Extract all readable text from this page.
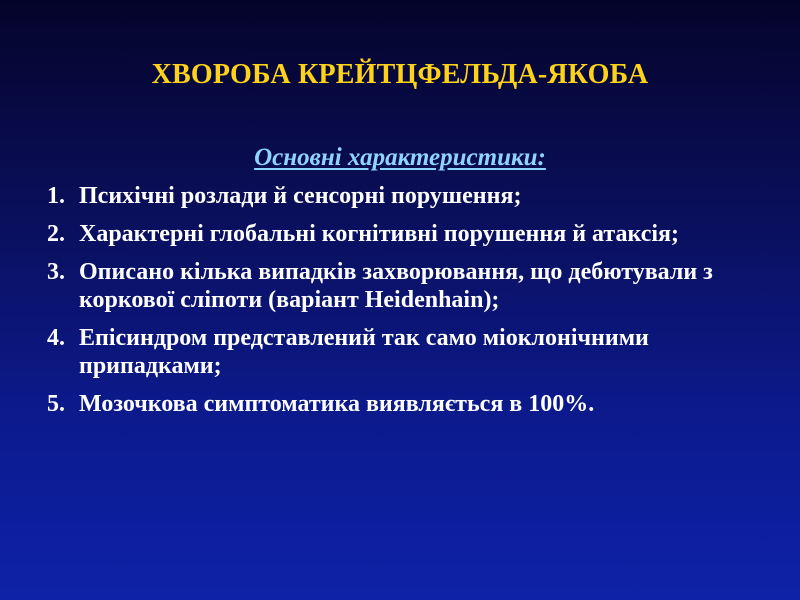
ХВОРОБА КРЕЙТЦФЕЛЬДА-ЯКОБА
Основні характеристики:
1. Психічні розлади й сенсорні порушення;
2. Характерні глобальні когнітивні порушення й атаксія;
3. Описано кілька випадків захворювання, що дебютували з коркової сліпоти (варіант Heidenhain);
4. Епісиндром представлений так само міоклонічними припадками;
5. Мозочкова симптоматика виявляється в 100%.
